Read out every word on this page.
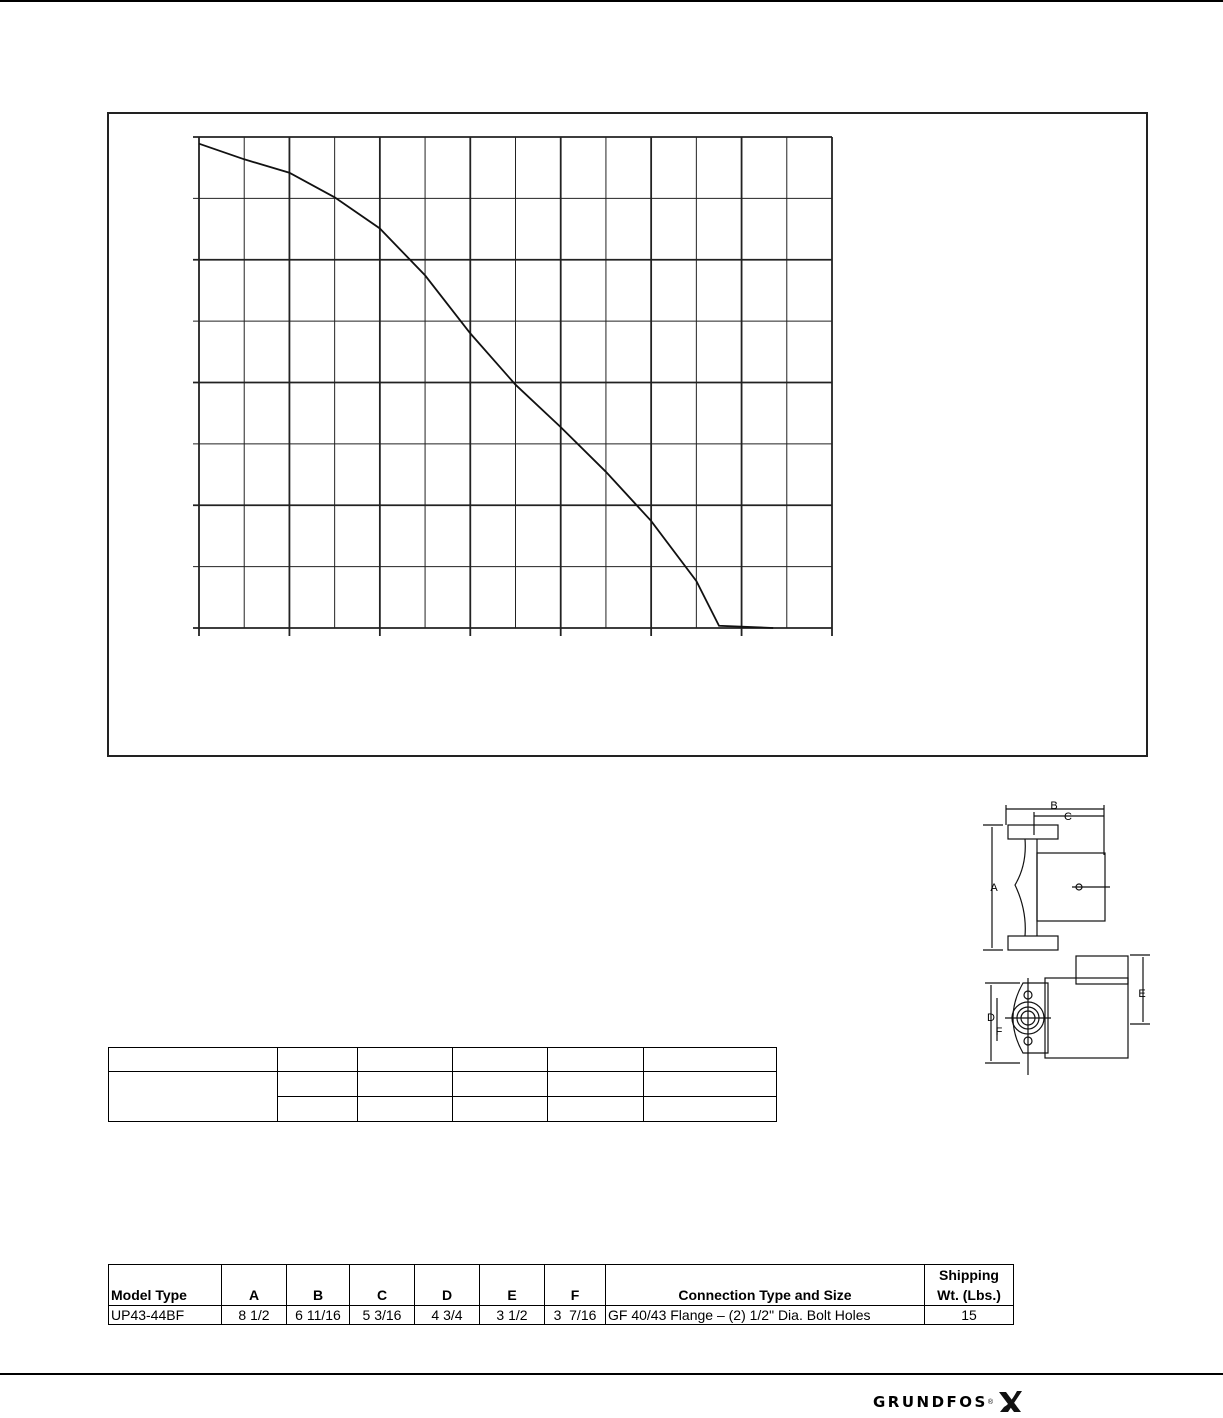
B
C
A
D
F
E
Model Type	A	B	C	D	E	F	Connection Type and Size	Shipping
Wt. (Lbs.)

UP43-44BF	8 1/2	6 11/16	5 3/16	4 3/4	3 1/2	3  7/16	GF 40/43 Flange – (2) 1/2" Dia. Bolt Holes	15
GRUNDFOS ®
